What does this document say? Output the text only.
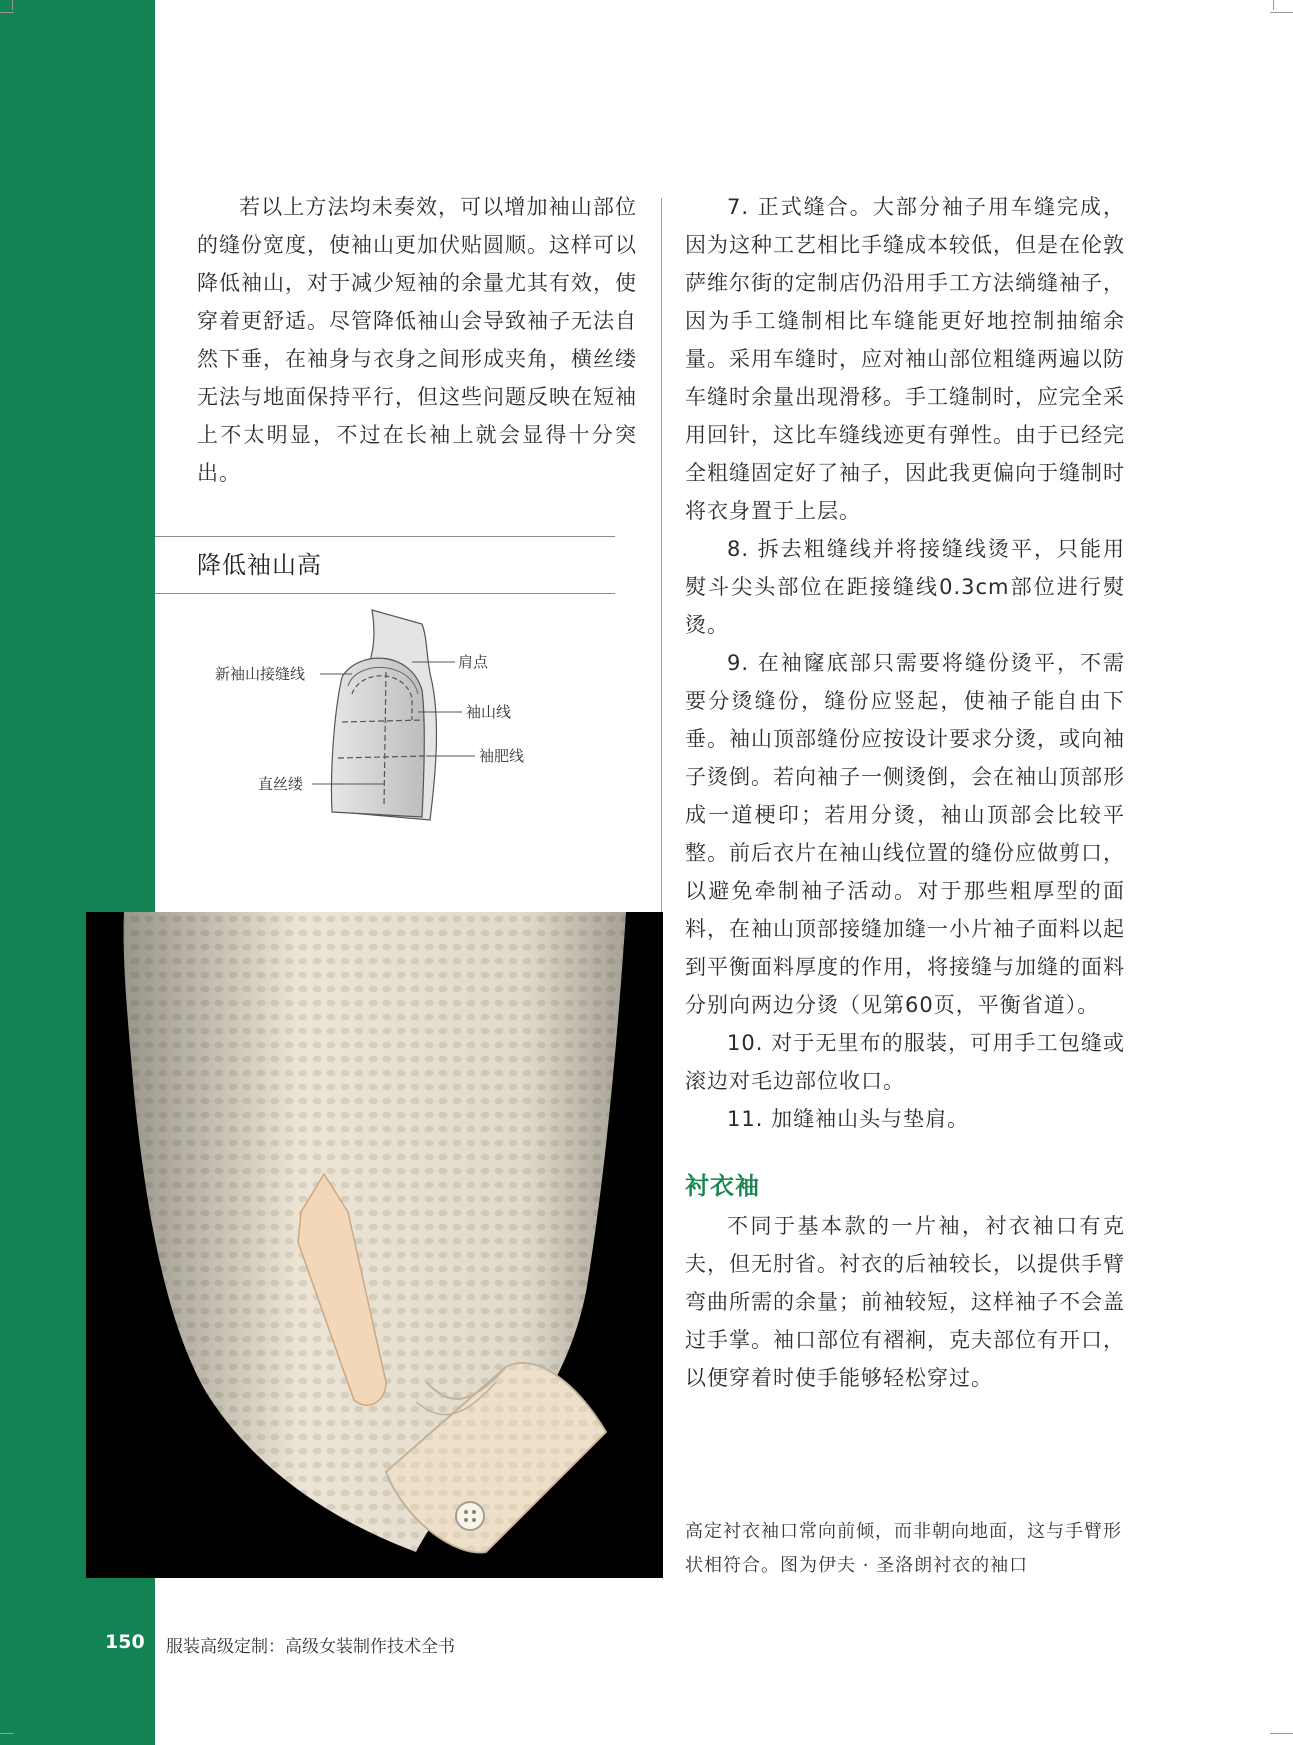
若以上方法均未奏效，可以增加袖山部位的缝份宽度，使袖山更加伏贴圆顺。这样可以降低袖山，对于减少短袖的余量尤其有效，使穿着更舒适。尽管降低袖山会导致袖子无法自然下垂，在袖身与衣身之间形成夹角，横丝缕无法与地面保持平行，但这些问题反映在短袖上不太明显，不过在长袖上就会显得十分突出。

降低袖山高
新袖山接缝线
肩点
袖山线
袖肥线
直丝缕

7. 正式缝合。大部分袖子用车缝完成，因为这种工艺相比手缝成本较低，但是在伦敦萨维尔街的定制店仍沿用手工方法绱缝袖子，因为手工缝制相比车缝能更好地控制抽缩余量。采用车缝时，应对袖山部位粗缝两遍以防车缝时余量出现滑移。手工缝制时，应完全采用回针，这比车缝线迹更有弹性。由于已经完全粗缝固定好了袖子，因此我更偏向于缝制时将衣身置于上层。

8. 拆去粗缝线并将接缝线烫平，只能用熨斗尖头部位在距接缝线0.3cm部位进行熨烫。

9. 在袖窿底部只需要将缝份烫平，不需要分烫缝份，缝份应竖起，使袖子能自由下垂。袖山顶部缝份应按设计要求分烫，或向袖子烫倒。若向袖子一侧烫倒，会在袖山顶部形成一道梗印；若用分烫，袖山顶部会比较平整。前后衣片在袖山线位置的缝份应做剪口，以避免牵制袖子活动。对于那些粗厚型的面料，在袖山顶部接缝加缝一小片袖子面料以起到平衡面料厚度的作用，将接缝与加缝的面料分别向两边分烫（见第60页，平衡省道）。

10. 对于无里布的服装，可用手工包缝或滚边对毛边部位收口。

11. 加缝袖山头与垫肩。

衬衣袖

不同于基本款的一片袖，衬衣袖口有克夫，但无肘省。衬衣的后袖较长，以提供手臂弯曲所需的余量；前袖较短，这样袖子不会盖过手掌。袖口部位有褶裥，克夫部位有开口，以便穿着时使手能够轻松穿过。

高定衬衣袖口常向前倾，而非朝向地面，这与手臂形状相符合。图为伊夫 · 圣洛朗衬衣的袖口
150 服装高级定制：高级女装制作技术全书
